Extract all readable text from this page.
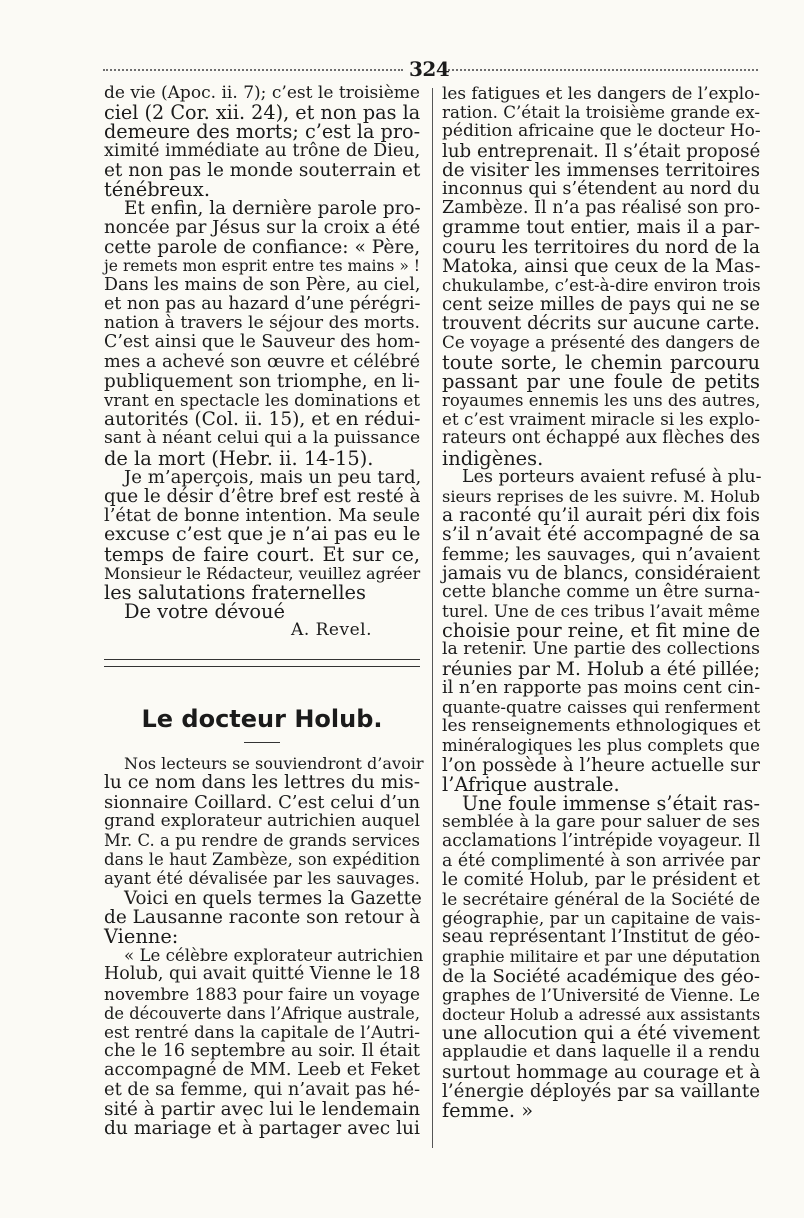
324
de vie (Apoc. ii. 7); c’est le troisième
ciel (2 Cor. xii. 24), et non pas la
demeure des morts; c’est la pro-
ximité immédiate au trône de Dieu,
et non pas le monde souterrain et
ténébreux.
Et enfin, la dernière parole pro-
noncée par Jésus sur la croix a été
cette parole de confiance: « Père,
je remets mon esprit entre tes mains » !
Dans les mains de son Père, au ciel,
et non pas au hazard d’une pérégri-
nation à travers le séjour des morts.
C’est ainsi que le Sauveur des hom-
mes a achevé son œuvre et célébré
publiquement son triomphe, en li-
vrant en spectacle les dominations et
autorités (Col. ii. 15), et en rédui-
sant à néant celui qui a la puissance
de la mort (Hebr. ii. 14-15).
Je m’aperçois, mais un peu tard,
que le désir d’être bref est resté à
l’état de bonne intention. Ma seule
excuse c’est que je n’ai pas eu le
temps de faire court. Et sur ce,
Monsieur le Rédacteur, veuillez agréer
les salutations fraternelles
De votre dévoué
A. Revel.
Le docteur Holub.
Nos lecteurs se souviendront d’avoir
lu ce nom dans les lettres du mis-
sionnaire Coillard. C’est celui d’un
grand explorateur autrichien auquel
Mr. C. a pu rendre de grands services
dans le haut Zambèze, son expédition
ayant été dévalisée par les sauvages.
Voici en quels termes la Gazette
de Lausanne raconte son retour à
Vienne:
« Le célèbre explorateur autrichien
Holub, qui avait quitté Vienne le 18
novembre 1883 pour faire un voyage
de découverte dans l’Afrique australe,
est rentré dans la capitale de l’Autri-
che le 16 septembre au soir. Il était
accompagné de MM. Leeb et Feket
et de sa femme, qui n’avait pas hé-
sité à partir avec lui le lendemain
du mariage et à partager avec lui
les fatigues et les dangers de l’explo-
ration. C’était la troisième grande ex-
pédition africaine que le docteur Ho-
lub entreprenait. Il s’était proposé
de visiter les immenses territoires
inconnus qui s’étendent au nord du
Zambèze. Il n’a pas réalisé son pro-
gramme tout entier, mais il a par-
couru les territoires du nord de la
Matoka, ainsi que ceux de la Mas-
chukulambe, c’est-à-dire environ trois
cent seize milles de pays qui ne se
trouvent décrits sur aucune carte.
Ce voyage a présenté des dangers de
toute sorte, le chemin parcouru
passant par une foule de petits
royaumes ennemis les uns des autres,
et c’est vraiment miracle si les explo-
rateurs ont échappé aux flèches des
indigènes.
Les porteurs avaient refusé à plu-
sieurs reprises de les suivre. M. Holub
a raconté qu’il aurait péri dix fois
s’il n’avait été accompagné de sa
femme; les sauvages, qui n’avaient
jamais vu de blancs, considéraient
cette blanche comme un être surna-
turel. Une de ces tribus l’avait même
choisie pour reine, et fit mine de
la retenir. Une partie des collections
réunies par M. Holub a été pillée;
il n’en rapporte pas moins cent cin-
quante-quatre caisses qui renferment
les renseignements ethnologiques et
minéralogiques les plus complets que
l’on possède à l’heure actuelle sur
l’Afrique australe.
Une foule immense s’était ras-
semblée à la gare pour saluer de ses
acclamations l’intrépide voyageur. Il
a été complimenté à son arrivée par
le comité Holub, par le président et
le secrétaire général de la Société de
géographie, par un capitaine de vais-
seau représentant l’Institut de géo-
graphie militaire et par une députation
de la Société académique des géo-
graphes de l’Université de Vienne. Le
docteur Holub a adressé aux assistants
une allocution qui a été vivement
applaudie et dans laquelle il a rendu
surtout hommage au courage et à
l’énergie déployés par sa vaillante
femme. »
